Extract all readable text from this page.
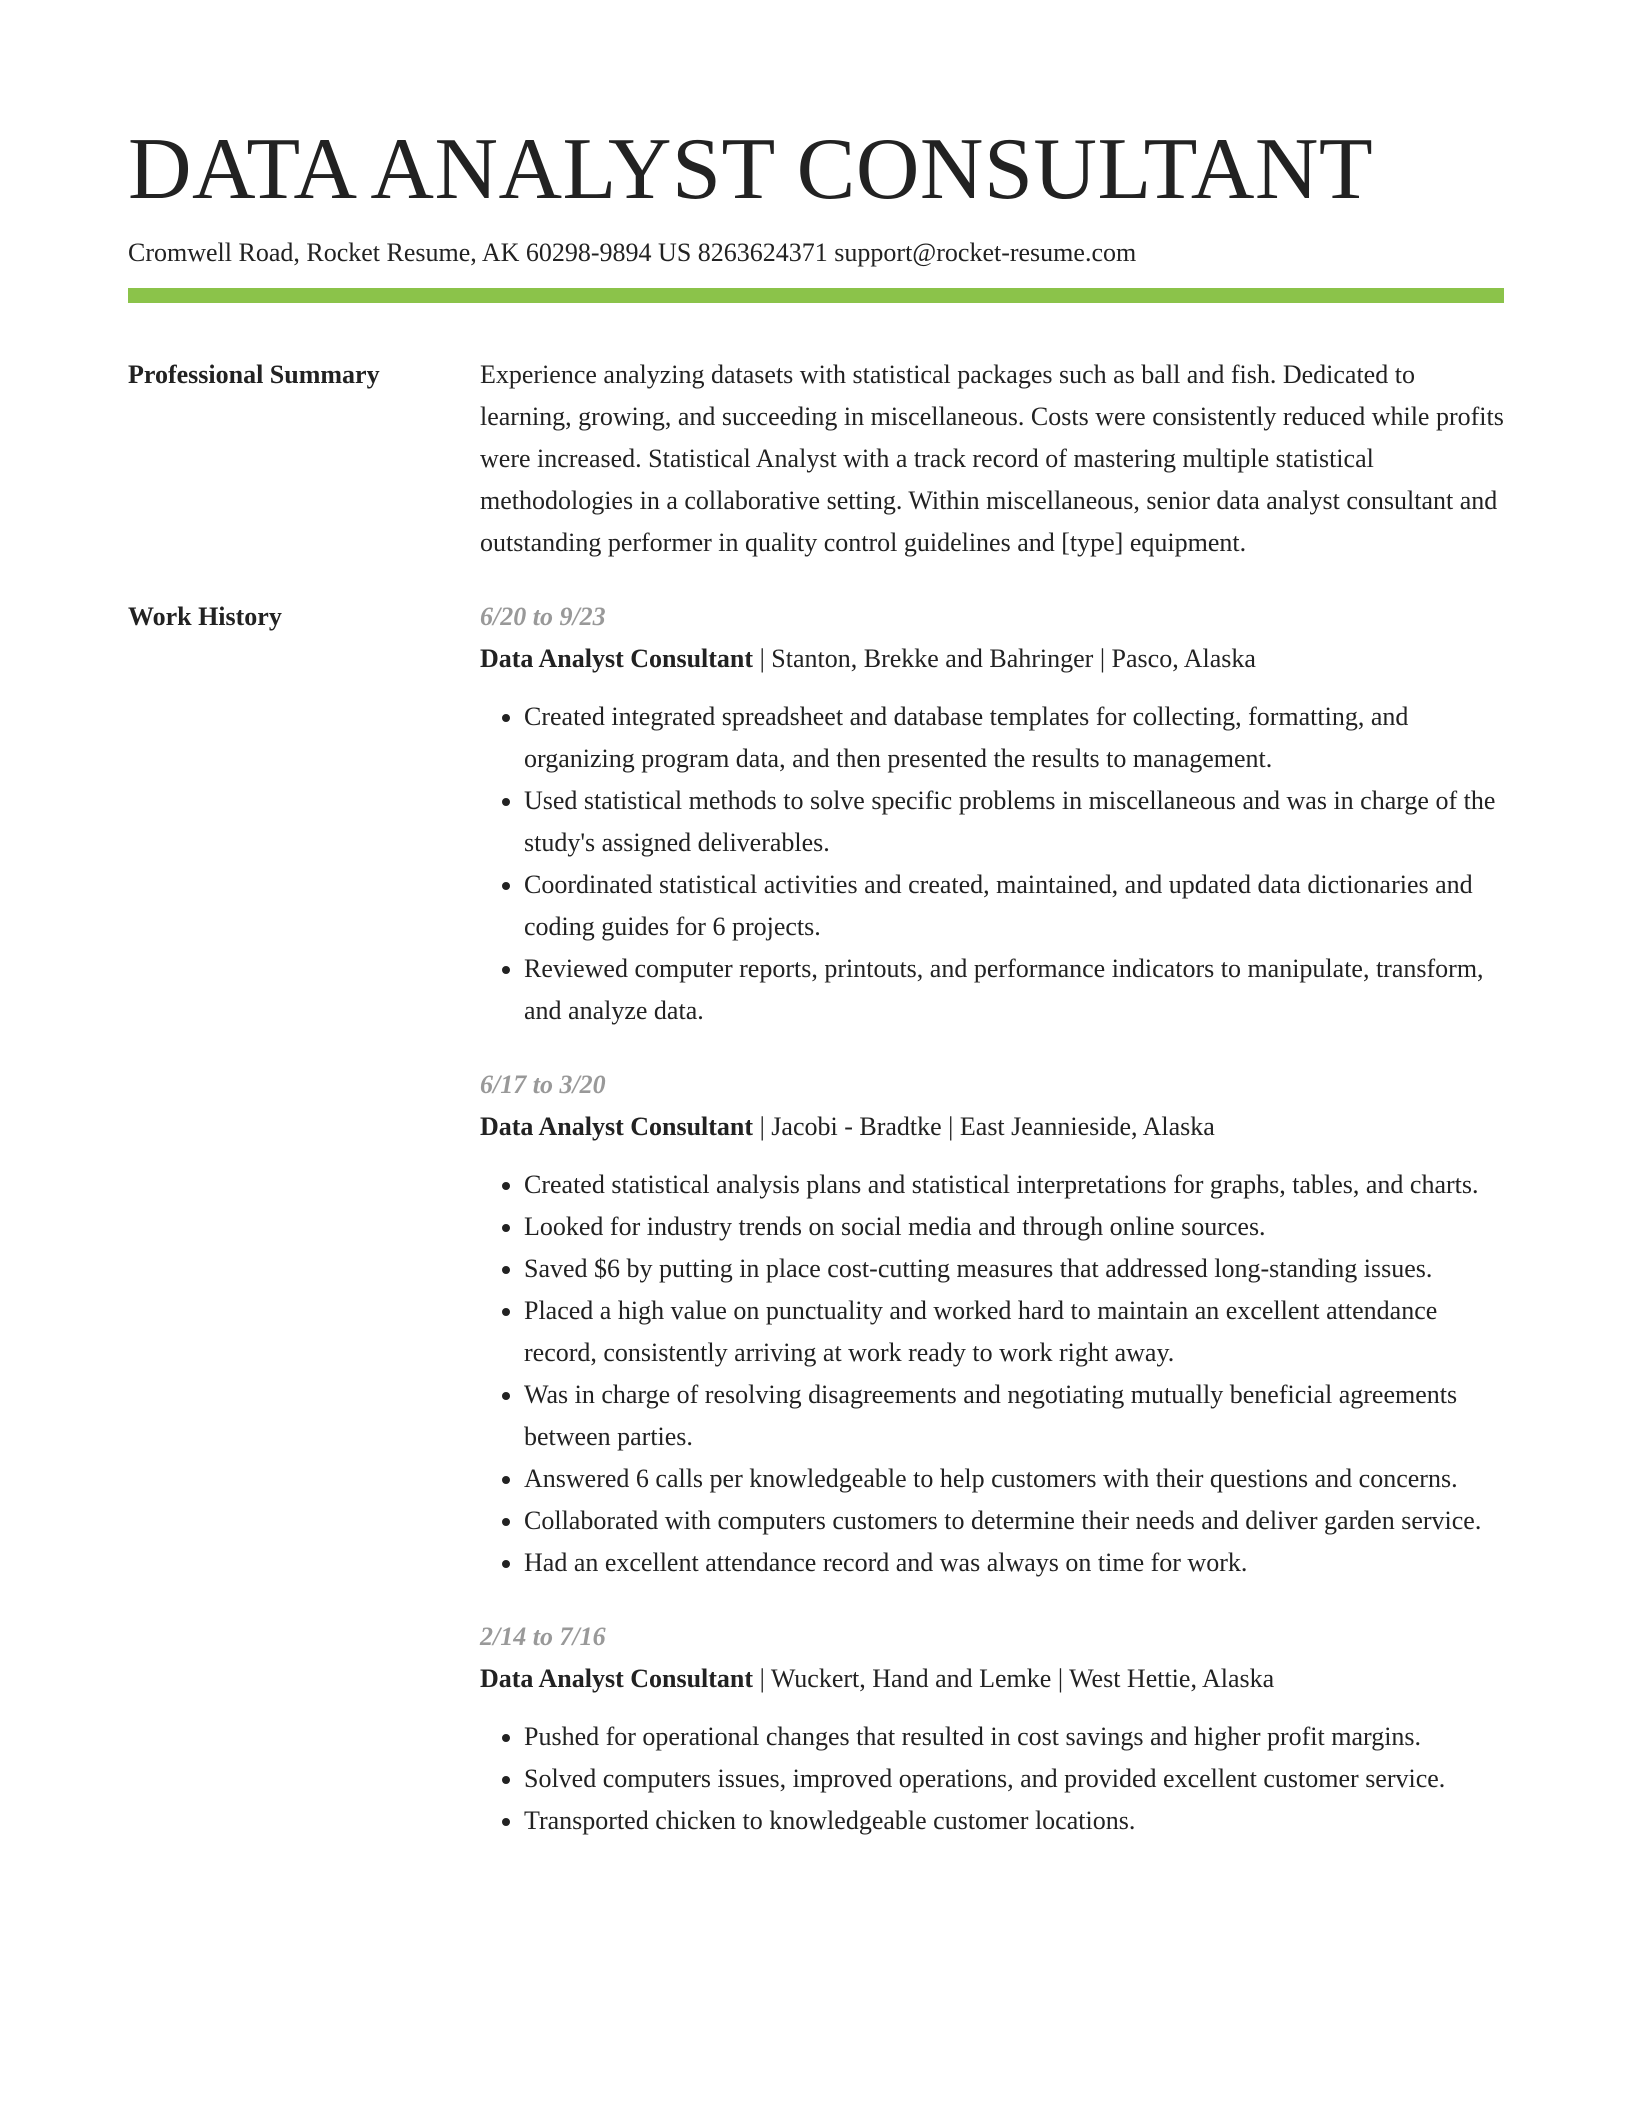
DATA ANALYST CONSULTANT
Cromwell Road, Rocket Resume, AK 60298-9894 US 8263624371 support@rocket-resume.com
Professional Summary	Experience analyzing datasets with statistical packages such as ball and fish. Dedicated to learning, growing, and succeeding in miscellaneous. Costs were consistently reduced while profits were increased. Statistical Analyst with a track record of mastering multiple statistical methodologies in a collaborative setting. Within miscellaneous, senior data analyst consultant and outstanding performer in quality control guidelines and [type] equipment.

Work History	6/20 to 9/23
Data Analyst Consultant | Stanton, Brekke and Bahringer | Pasco, Alaska
• Created integrated spreadsheet and database templates for collecting, formatting, and organizing program data, and then presented the results to management.
• Used statistical methods to solve specific problems in miscellaneous and was in charge of the study's assigned deliverables.
• Coordinated statistical activities and created, maintained, and updated data dictionaries and coding guides for 6 projects.
• Reviewed computer reports, printouts, and performance indicators to manipulate, transform, and analyze data.
6/17 to 3/20
Data Analyst Consultant | Jacobi - Bradtke | East Jeannieside, Alaska
• Created statistical analysis plans and statistical interpretations for graphs, tables, and charts.
• Looked for industry trends on social media and through online sources.
• Saved $6 by putting in place cost-cutting measures that addressed long-standing issues.
• Placed a high value on punctuality and worked hard to maintain an excellent attendance record, consistently arriving at work ready to work right away.
• Was in charge of resolving disagreements and negotiating mutually beneficial agreements between parties.
• Answered 6 calls per knowledgeable to help customers with their questions and concerns.
• Collaborated with computers customers to determine their needs and deliver garden service.
• Had an excellent attendance record and was always on time for work.
2/14 to 7/16
Data Analyst Consultant | Wuckert, Hand and Lemke | West Hettie, Alaska
• Pushed for operational changes that resulted in cost savings and higher profit margins.
• Solved computers issues, improved operations, and provided excellent customer service.
• Transported chicken to knowledgeable customer locations.
